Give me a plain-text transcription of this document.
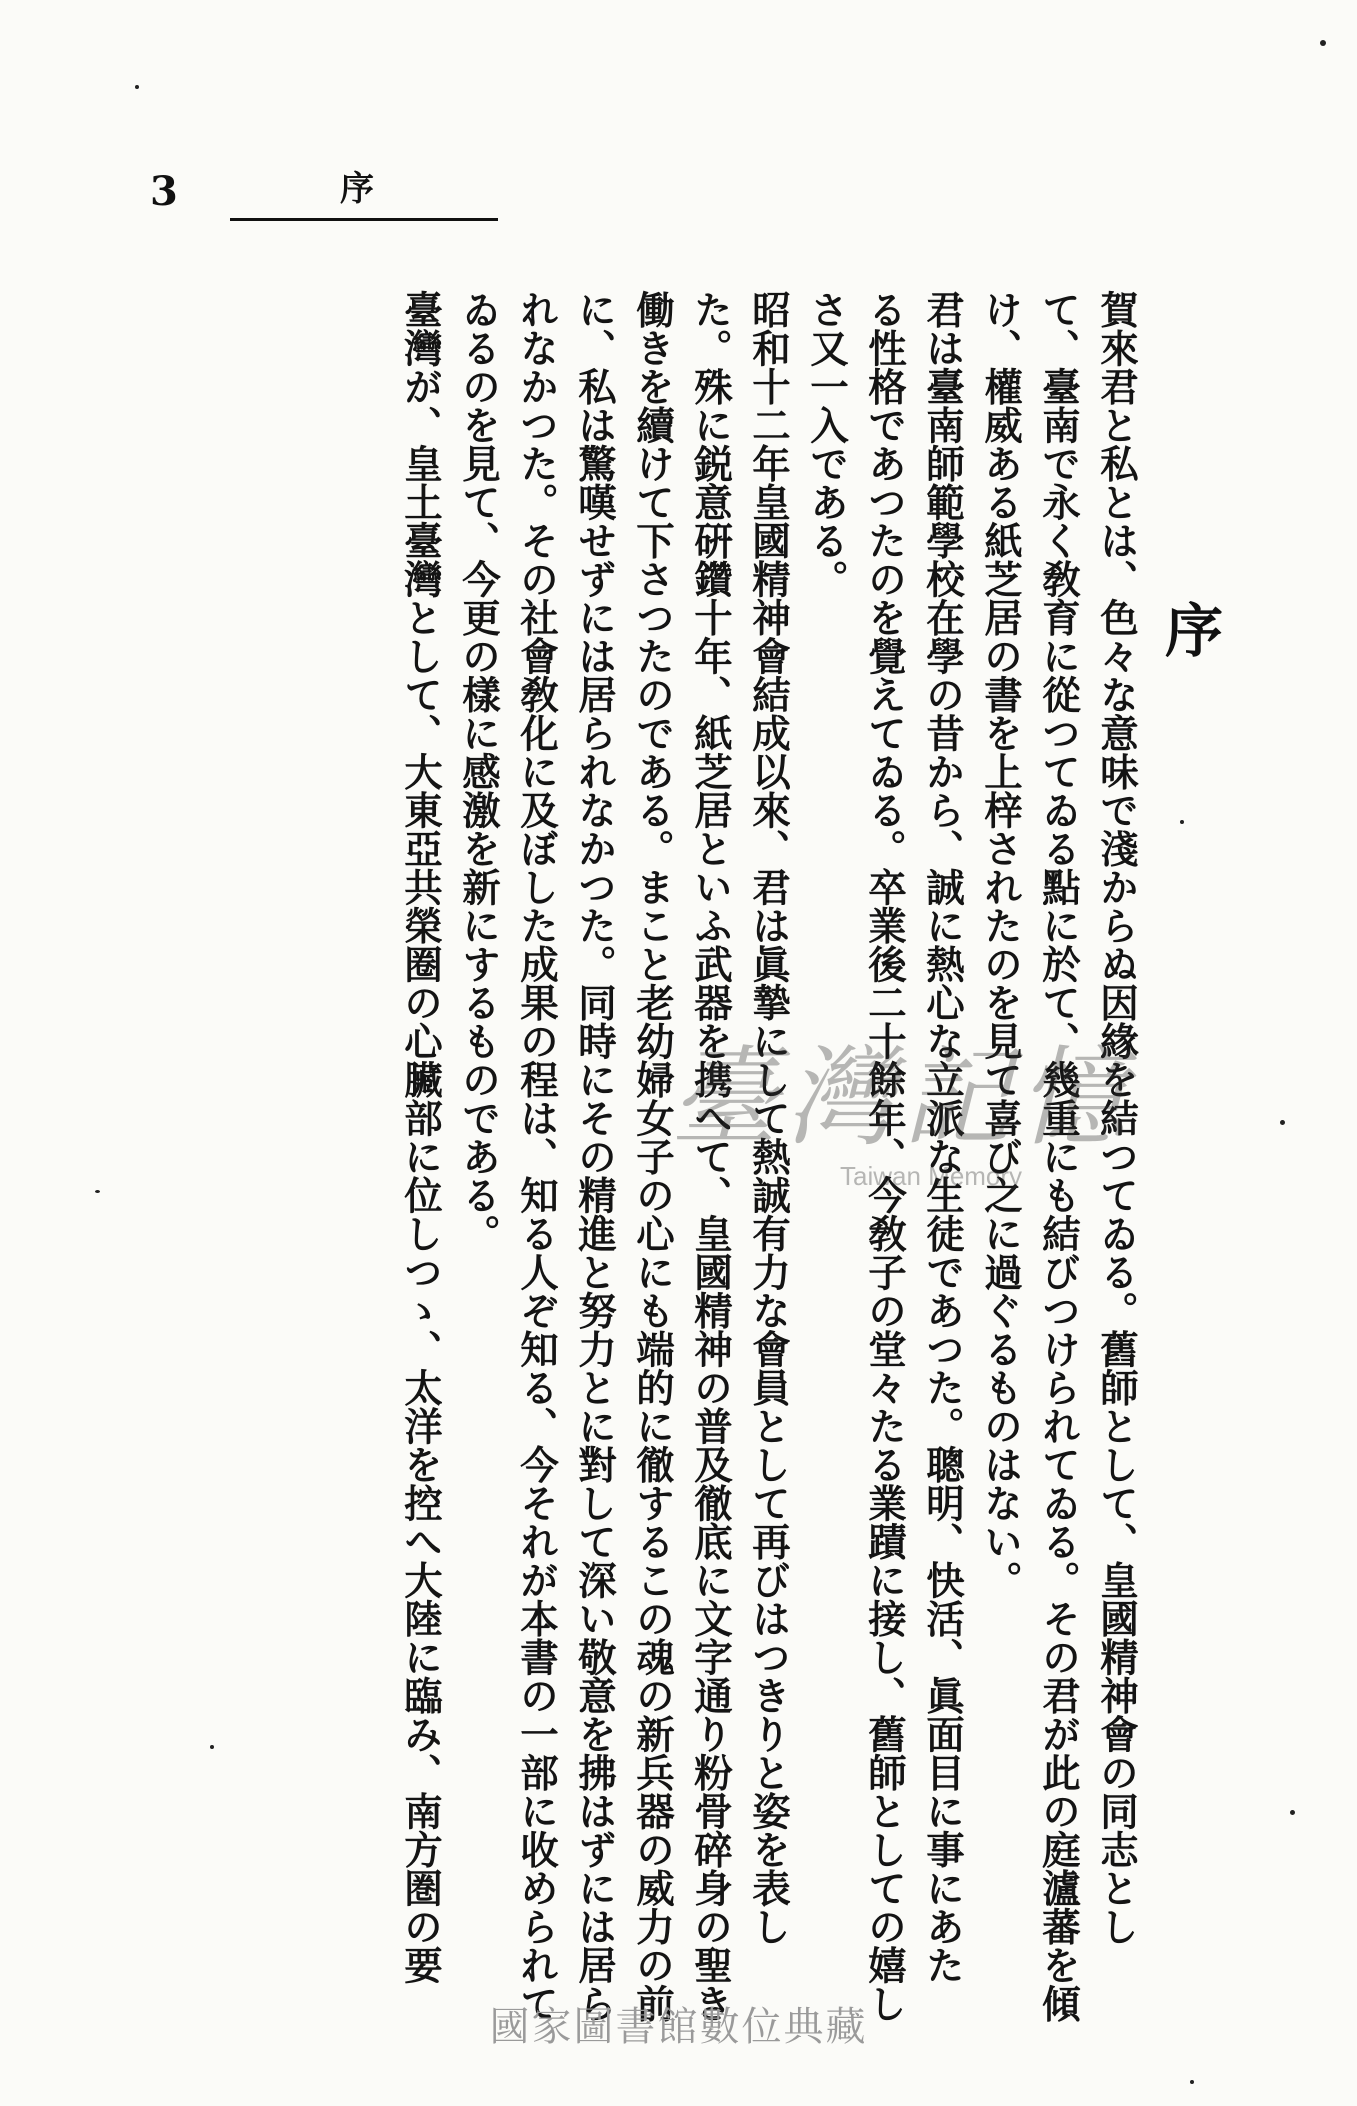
3	序
序
賀來君と私とは、色々な意味で淺からぬ因緣を結つてゐる。舊師として、皇國精神會の同志とし
て、臺南で永く敎育に從つてゐる點に於て、幾重にも結びつけられてゐる。その君が此の庭瀘蕃を傾
け、權威ある紙芝居の書を上梓されたのを見て喜び之に過ぐるものはない。
君は臺南師範學校在學の昔から、誠に熱心な立派な生徒であつた。聰明、快活、眞面目に事にあた
る性格であつたのを覺えてゐる。卒業後二十餘年、今敎子の堂々たる業蹟に接し、舊師としての嬉し
さ又一入である。
昭和十二年皇國精神會結成以來、君は眞摯にして熱誠有力な會員として再びはつきりと姿を表し
た。殊に鋭意硏鑽十年、紙芝居といふ武器を携へて、皇國精神の普及徹底に文字通り粉骨碎身の聖き
働きを續けて下さつたのである。まこと老幼婦女子の心にも端的に徹するこの魂の新兵器の威力の前
に、私は驚嘆せずには居られなかつた。同時にその精進と努力とに對して深い敬意を拂はずには居ら
れなかつた。その社會敎化に及ぼした成果の程は、知る人ぞ知る、今それが本書の一部に收められて
ゐるのを見て、今更の樣に感激を新にするものである。
臺灣が、皇土臺灣として、大東亞共榮圈の心臟部に位しつゝ、太洋を控へ大陸に臨み、南方圏の要 臺灣記憶
Taiwan Memory
國家圖書館數位典藏
